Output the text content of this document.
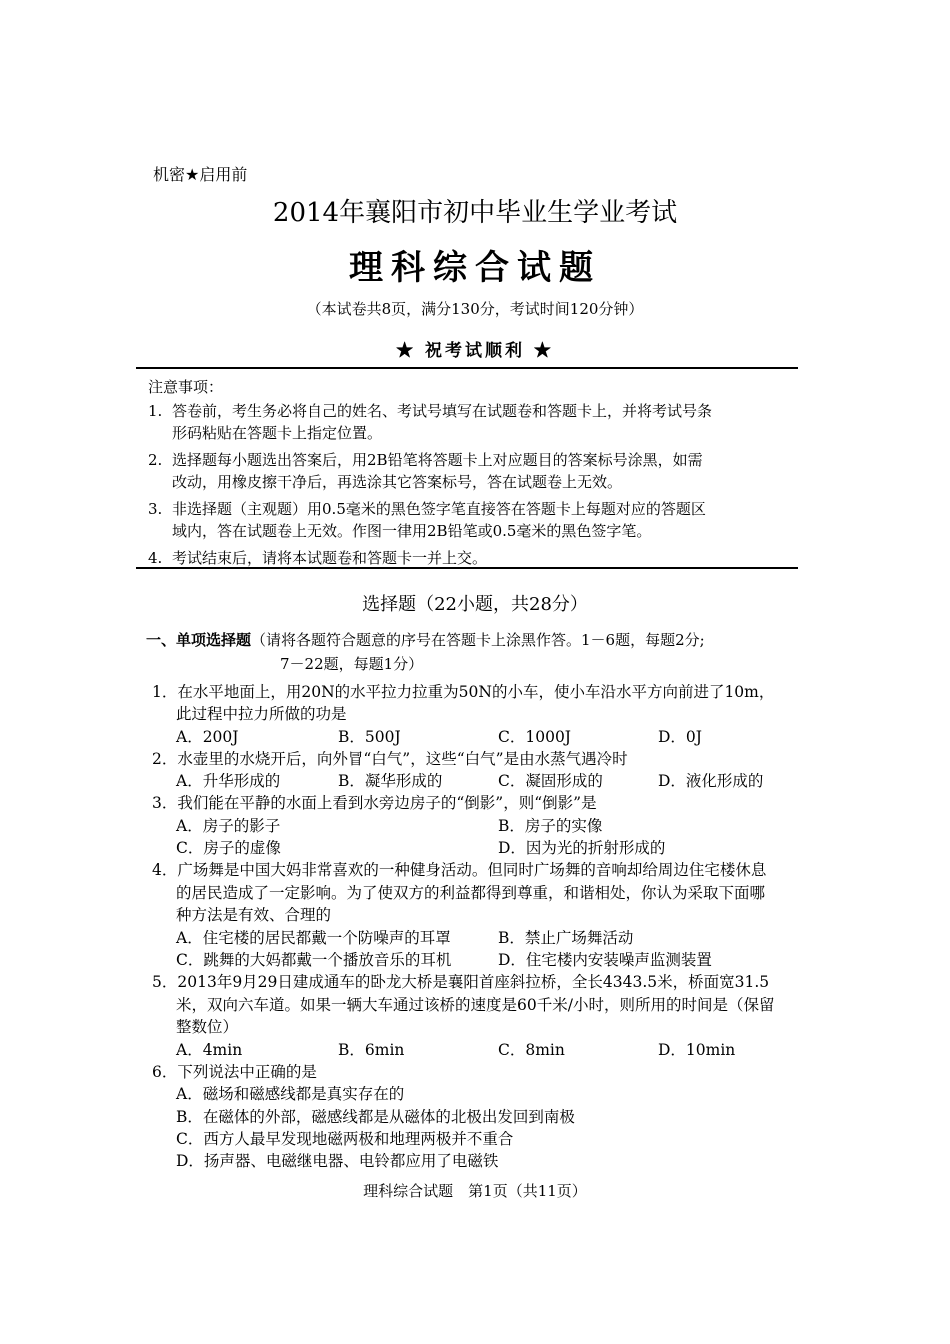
机密★启用前
2014年襄阳市初中毕业生学业考试
理科综合试题
（本试卷共8页，满分130分，考试时间120分钟）
★ 祝考试顺利 ★
注意事项：
1. 答卷前，考生务必将自己的姓名、考试号填写在试题卷和答题卡上，并将考试号条
形码粘贴在答题卡上指定位置。
2. 选择题每小题选出答案后，用2B铅笔将答题卡上对应题目的答案标号涂黑，如需
改动，用橡皮擦干净后，再选涂其它答案标号，答在试题卷上无效。
3. 非选择题（主观题）用0.5毫米的黑色签字笔直接答在答题卡上每题对应的答题区
域内，答在试题卷上无效。作图一律用2B铅笔或0.5毫米的黑色签字笔。
4. 考试结束后，请将本试题卷和答题卡一并上交。
选择题（22小题，共28分）
一、单项选择题（请将各题符合题意的序号在答题卡上涂黑作答。1－6题，每题2分;
7－22题，每题1分）
1．在水平地面上，用20N的水平拉力拉重为50N的小车，使小车沿水平方向前进了10m，
此过程中拉力所做的功是
A．200J	B．500J	C．1000J	D．0J
2．水壶里的水烧开后，向外冒“白气”，这些“白气”是由水蒸气遇冷时
A．升华形成的	B．凝华形成的	C．凝固形成的	D．液化形成的
3．我们能在平静的水面上看到水旁边房子的“倒影”，则“倒影”是
A．房子的影子	B．房子的实像
C．房子的虚像	D．因为光的折射形成的
4．广场舞是中国大妈非常喜欢的一种健身活动。但同时广场舞的音响却给周边住宅楼休息
的居民造成了一定影响。为了使双方的利益都得到尊重，和谐相处，你认为采取下面哪
种方法是有效、合理的
A．住宅楼的居民都戴一个防噪声的耳罩	B．禁止广场舞活动
C．跳舞的大妈都戴一个播放音乐的耳机	D．住宅楼内安装噪声监测装置
5．2013年9月29日建成通车的卧龙大桥是襄阳首座斜拉桥，全长4343.5米，桥面宽31.5
米，双向六车道。如果一辆大车通过该桥的速度是60千米/小时，则所用的时间是（保留
整数位）
A．4min	B．6min	C．8min	D．10min
6．下列说法中正确的是
A．磁场和磁感线都是真实存在的
B．在磁体的外部，磁感线都是从磁体的北极出发回到南极
C．西方人最早发现地磁两极和地理两极并不重合
D．扬声器、电磁继电器、电铃都应用了电磁铁
理科综合试题　第1页（共11页）
